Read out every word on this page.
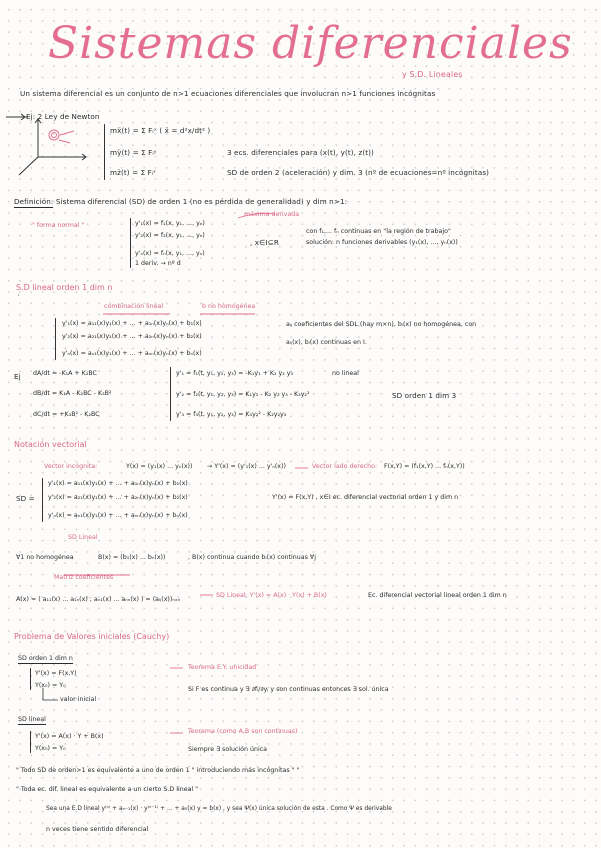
Sistemas diferenciales
y S.D. Lineales
Un sistema diferencial es un conjunto de n>1 ecuaciones diferenciales que involucran n>1 funciones incógnitas
Ej: 2 Ley de Newton
mẍ(t) = Σ Fᵢˣ ( ẍ = d²x/dt² )
mÿ(t) = Σ Fᵢʸ
mz̈(t) = Σ Fᵢᶻ
3 ecs. diferenciales para (x(t), y(t), z(t))
SD de orden 2 (aceleración) y dim. 3 (nº de ecuaciones=nº incógnitas)
Definición: Sistema diferencial (SD) de orden 1 (no es pérdida de generalidad) y dim n>1:
" forma normal "
máxima derivada
y'₁(x) = f₁(x, y₁, ..., yₙ)
y'₂(x) = f₂(x, y₁, ..., yₙ)
y'ₙ(x) = fₙ(x, y₁, ..., yₙ)
1 deriv. → nº d
, x∈I⊆R
con f₁,... fₙ continuas en "la región de trabajo"
solución: n funciones derivables (y₁(x), ..., yₙ(x))
S.D lineal orden 1 dim n
combinación lineal	b no homogénea
y'₁(x) = a₁₁(x)y₁(x) + ... + a₁ₙ(x)yₙ(x) + b₁(x)
y'₂(x) = a₂₁(x)y₁(x) + ... + a₂ₙ(x)yₙ(x) + b₂(x)
y'ₙ(x) = aₙ₁(x)y₁(x) + ... + aₙₙ(x)yₙ(x) + bₙ(x)
aᵢⱼ coeficientes del SDL (hay m×n), bᵢ(x) no homogénea, con
aᵢⱼ(x), bᵢ(x) continuas en I.
Ej dA/dt = -K₁A + K₂BC
dB/dt = K₁A - K₂BC - K₃B²
dC/dt = +K₃B² - K₂BC
y'₁ = f₁(t, y₁, y₂, y₃) = -K₁y₁ + K₂ y₂ y₃	no lineal
y'₂ = f₂(t, y₁, y₂, y₃) = K₁y₁ - K₂ y₂ y₃ - K₃y₂²
y'₃ = f₃(t, y₁, y₂, y₃) = K₃y₂² - K₂y₂y₃
SD orden 1 dim 3
Notación vectorial
Vector incógnita:	Y(x) = (y₁(x) ... yₙ(x)) → Y'(x) = (y'₁(x) ... y'ₙ(x))	Vector lado derecho: F(x,Y) = (f₁(x,Y) ... fₙ(x,Y))
SD =
y'₁(x) = a₁₁(x)y₁(x) + ... + a₁ₙ(x)yₙ(x) + b₁(x)
y'₂(x) = a₂₁(x)y₁(x) + ... + a₂ₙ(x)yₙ(x) + b₂(x)
y'ₙ(x) = aₙ₁(x)y₁(x) + ... + aₙₙ(x)yₙ(x) + bₙ(x)
Y'(x) = F(x,Y) , x∈I ec. diferencial vectorial orden 1 y dim n
SD Lineal
∀1 no homogénea	B(x) = (b₁(x) ... bₙ(x))	, B(x) continua cuando bᵢ(x) continuas ∀j
Matriz coeficientes
A(x) = ( a₁₁(x) ... a₁ₙ(x) ; aₙ₁(x) ... aₙₙ(x) ) = (aᵢⱼ(x))ₙₓₙ
SD Lineal: Y'(x) = A(x) · Y(x) + B(x)	Ec. diferencial vectorial lineal orden 1 dim n
Problema de Valores iniciales (Cauchy)
SD orden 1 dim n
Y'(x) = F(x,Y)
Y(x₀) = Y₀
valor inicial
Teorema E.Y. unicidad
Si F es continua y ∃ ∂fᵢ/∂yⱼ y son continuas entonces ∃ sol. única
SD lineal
Y'(x) = A(x) · Y + B(x)
Y(x₀) = Y₀
Teorema (como A,B son continuas)
Siempre ∃ solución única
" Todo SD de orden>1 es equivalente a uno de orden 1 " introduciendo más incógnitas " "
" Toda ec. dif. lineal es equivalente a un cierto S.D lineal "
Sea una E.D lineal y⁽ⁿ⁾ + aₙ₋₁(x) · y⁽ⁿ⁻¹⁾ + ... + a₀(x) y = b(x) , y sea Ψ(x) única solución de esta . Como Ψ es derivable
n veces tiene sentido diferencial
